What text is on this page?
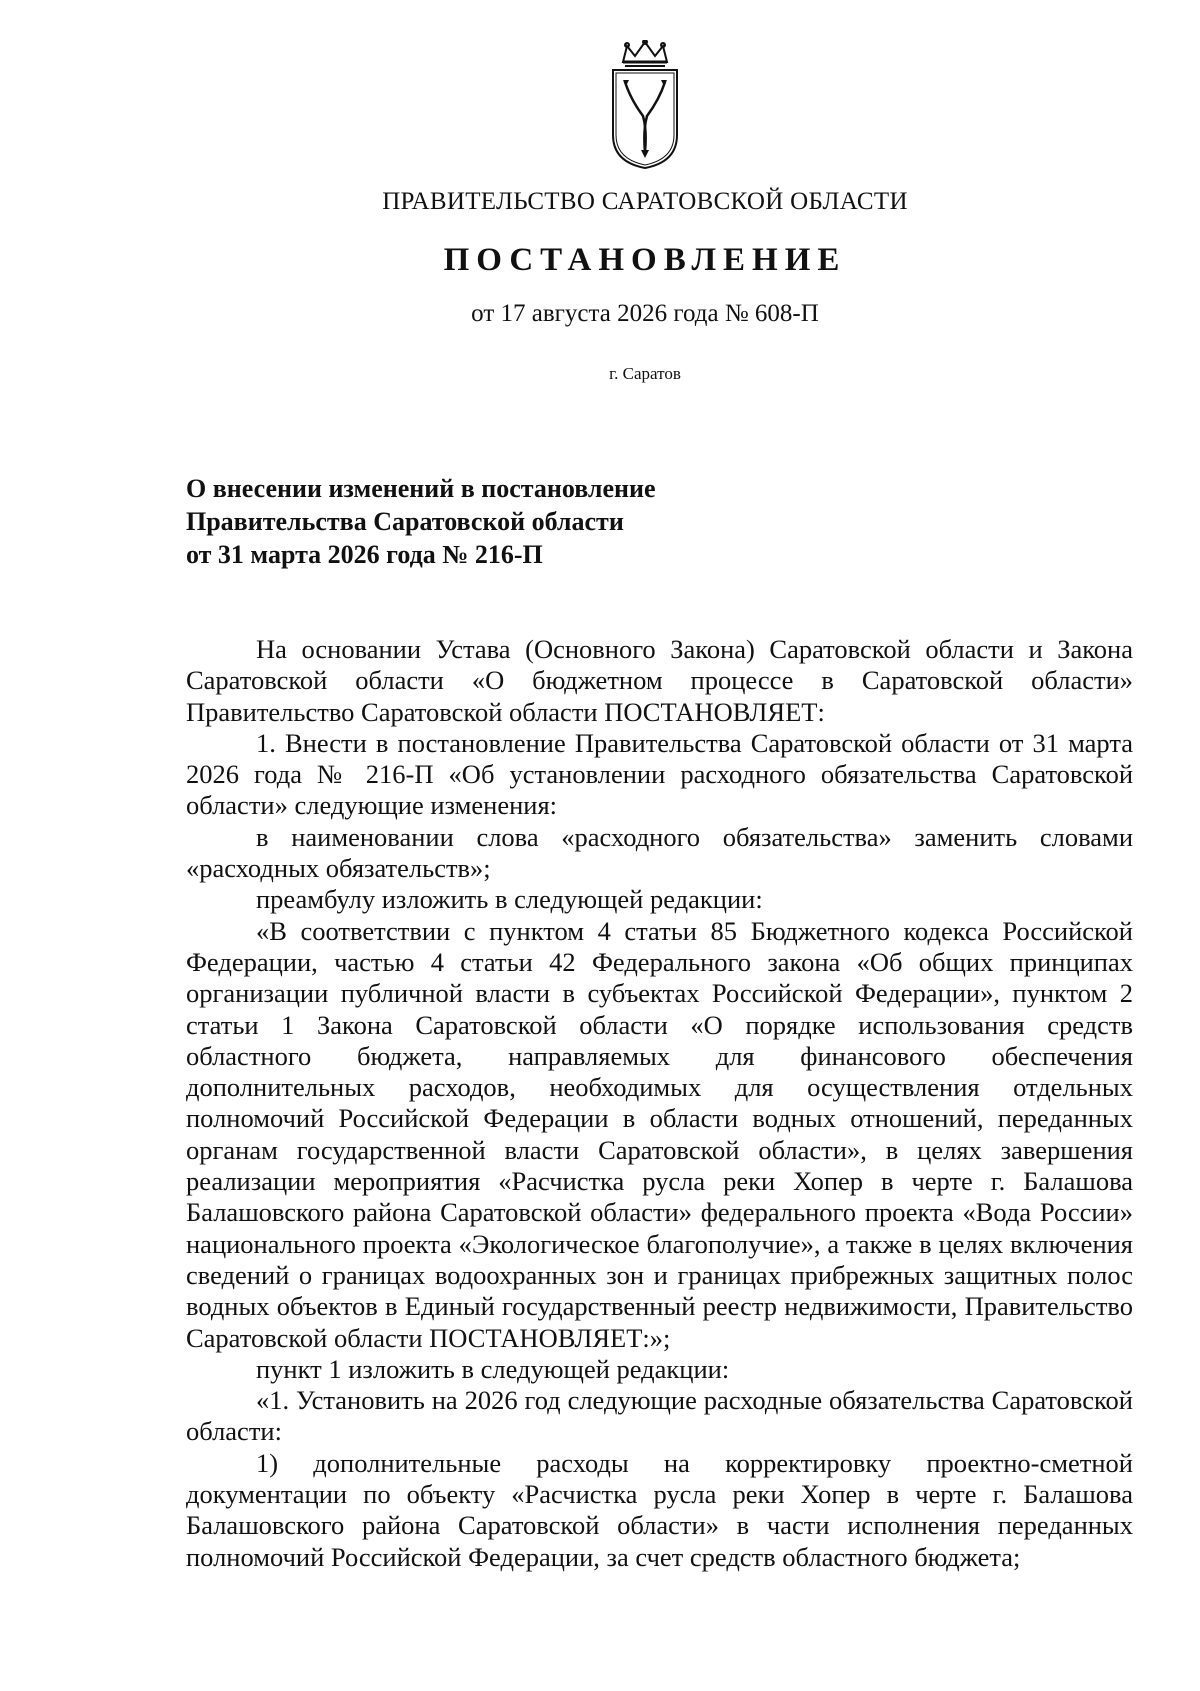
ПРАВИТЕЛЬСТВО САРАТОВСКОЙ ОБЛАСТИ
ПОСТАНОВЛЕНИЕ
от 17 августа 2026 года № 608-П
г. Саратов
О внесении изменений в постановление
Правительства Саратовской области
от 31 марта 2026 года № 216-П

На основании Устава (Основного Закона) Саратовской области и Закона Саратовской области «О бюджетном процессе в Саратовской области» Правительство Саратовской области ПОСТАНОВЛЯЕТ:

1. Внести в постановление Правительства Саратовской области от 31 марта 2026 года № 216-П «Об установлении расходного обязательства Саратовской области» следующие изменения:

в наименовании слова «расходного обязательства» заменить словами «расходных обязательств»;

преамбулу изложить в следующей редакции:

«В соответствии с пунктом 4 статьи 85 Бюджетного кодекса Российской Федерации, частью 4 статьи 42 Федерального закона «Об общих принципах организации публичной власти в субъектах Российской Федерации», пунктом 2 статьи 1 Закона Саратовской области «О порядке использования средств областного бюджета, направляемых для финансового обеспечения дополнительных расходов, необходимых для осуществления отдельных полномочий Российской Федерации в области водных отношений, переданных органам государственной власти Саратовской области», в целях завершения реализации мероприятия «Расчистка русла реки Хопер в черте г. Балашова Балашовского района Саратовской области» федерального проекта «Вода России» национального проекта «Экологическое благополучие», а также в целях включения сведений о границах водоохранных зон и границах прибрежных защитных полос водных объектов в Единый государственный реестр недвижимости, Правительство Саратовской области ПОСТАНОВЛЯЕТ:»;

пункт 1 изложить в следующей редакции:

«1. Установить на 2026 год следующие расходные обязательства Саратовской области:

1) дополнительные расходы на корректировку проектно-сметной документации по объекту «Расчистка русла реки Хопер в черте г. Балашова Балашовского района Саратовской области» в части исполнения переданных полномочий Российской Федерации, за счет средств областного бюджета;
